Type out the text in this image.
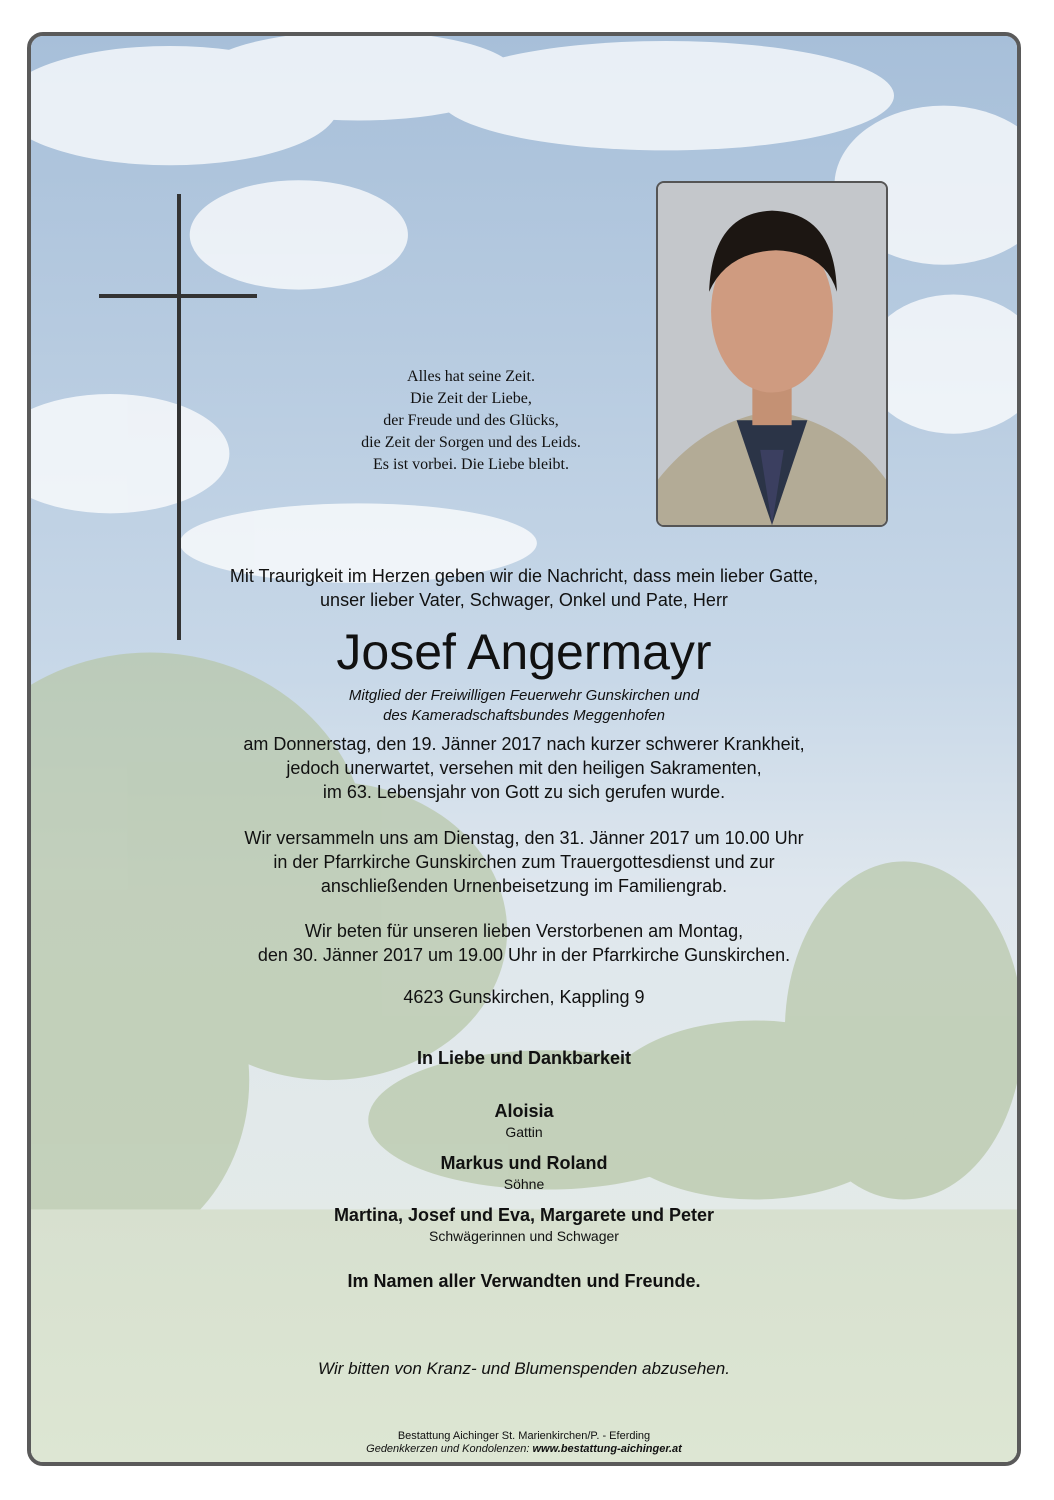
Alles hat seine Zeit.
Die Zeit der Liebe,
der Freude und des Glücks,
die Zeit der Sorgen und des Leids.
Es ist vorbei. Die Liebe bleibt.
Mit Traurigkeit im Herzen geben wir die Nachricht, dass mein lieber Gatte,
unser lieber Vater, Schwager, Onkel und Pate, Herr
Josef Angermayr
Mitglied der Freiwilligen Feuerwehr Gunskirchen und
des Kameradschaftsbundes Meggenhofen
am Donnerstag, den 19. Jänner 2017 nach kurzer schwerer Krankheit,
jedoch unerwartet, versehen mit den heiligen Sakramenten,
im 63. Lebensjahr von Gott zu sich gerufen wurde.
Wir versammeln uns am Dienstag, den 31. Jänner 2017 um 10.00 Uhr
in der Pfarrkirche Gunskirchen zum Trauergottesdienst und zur
anschließenden Urnenbeisetzung im Familiengrab.
Wir beten für unseren lieben Verstorbenen am Montag,
den 30. Jänner 2017 um 19.00 Uhr in der Pfarrkirche Gunskirchen.
4623 Gunskirchen, Kappling 9
In Liebe und Dankbarkeit
Aloisia
Gattin
Markus und Roland
Söhne
Martina, Josef und Eva, Margarete und Peter
Schwägerinnen und Schwager
Im Namen aller Verwandten und Freunde.
Wir bitten von Kranz- und Blumenspenden abzusehen.
Bestattung Aichinger St. Marienkirchen/P. - Eferding
Gedenkkerzen und Kondolenzen: www.bestattung-aichinger.at
